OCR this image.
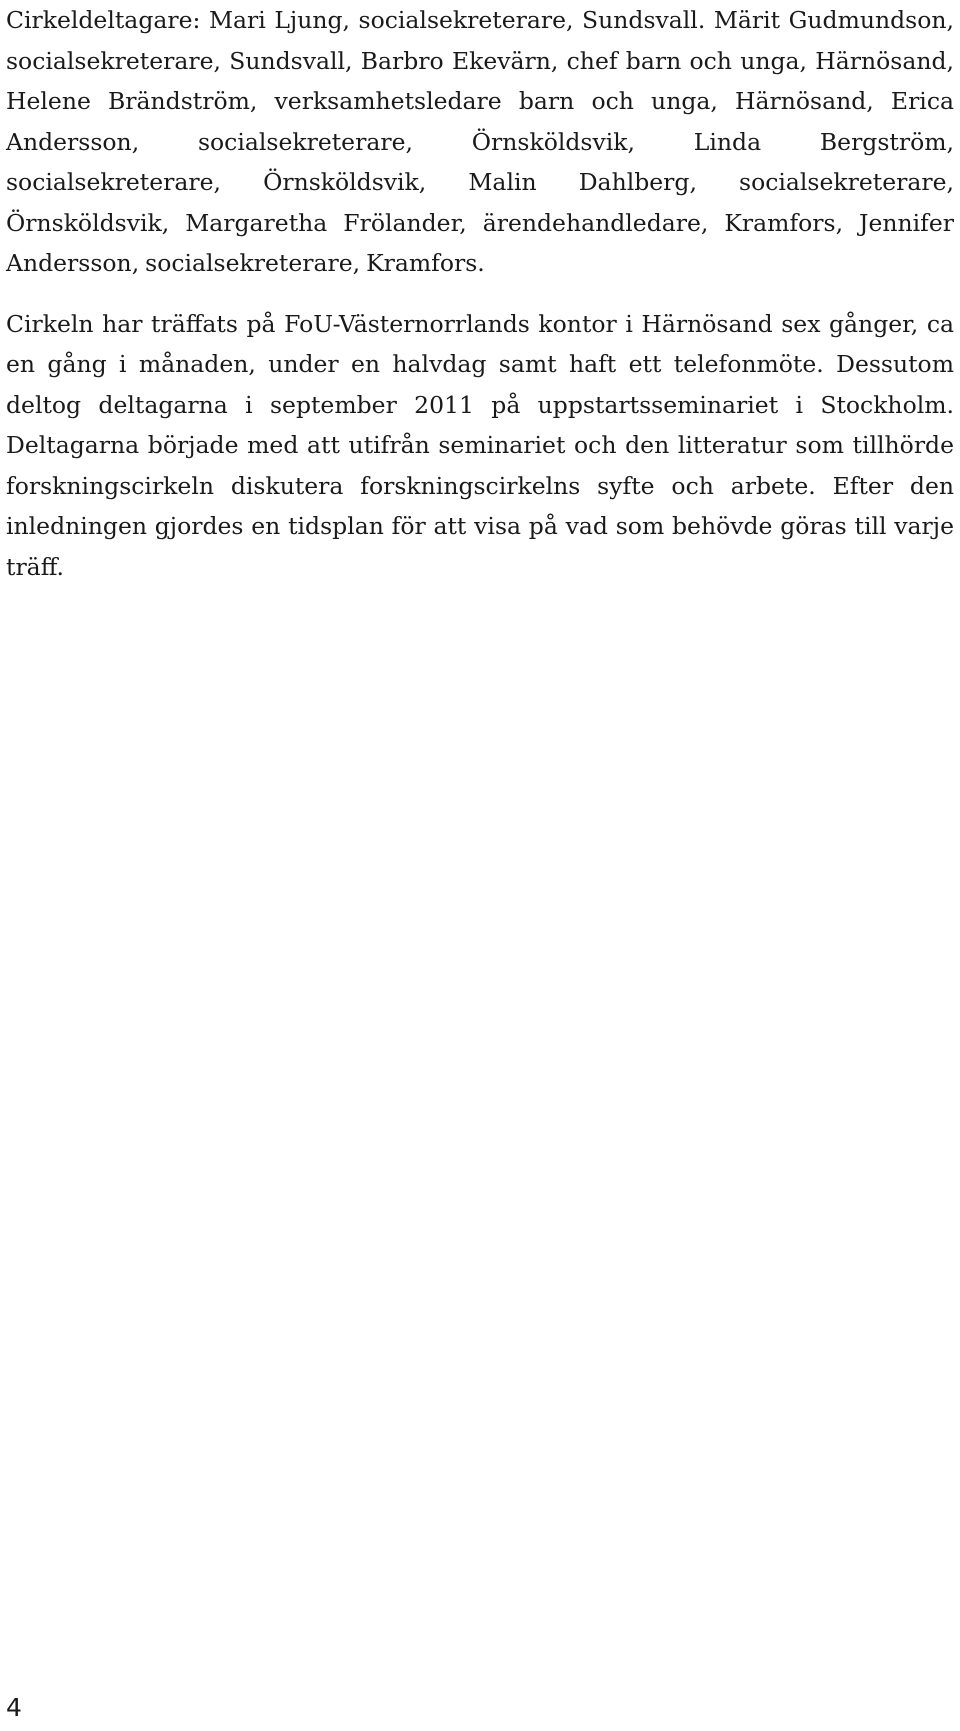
Cirkeldeltagare: Mari Ljung, socialsekreterare, Sundsvall. Märit Gudmundson, socialsekreterare, Sundsvall, Barbro Ekevärn, chef barn och unga, Härnösand, Helene Brändström, verksamhetsledare barn och unga, Härnösand, Erica Andersson, socialsekreterare, Örnsköldsvik, Linda Bergström, socialsekreterare, Örnsköldsvik, Malin Dahlberg, socialsekreterare, Örnsköldsvik, Margaretha Frölander, ärendehandledare, Kramfors, Jennifer Andersson, socialsekreterare, Kramfors.

Cirkeln har träffats på FoU-Västernorrlands kontor i Härnösand sex gånger, ca en gång i månaden, under en halvdag samt haft ett telefonmöte. Dessutom deltog deltagarna i september 2011 på uppstartsseminariet i Stockholm. Deltagarna började med att utifrån seminariet och den litteratur som tillhörde forskningscirkeln diskutera forskningscirkelns syfte och arbete. Efter den inledningen gjordes en tidsplan för att visa på vad som behövde göras till varje träff.

4
